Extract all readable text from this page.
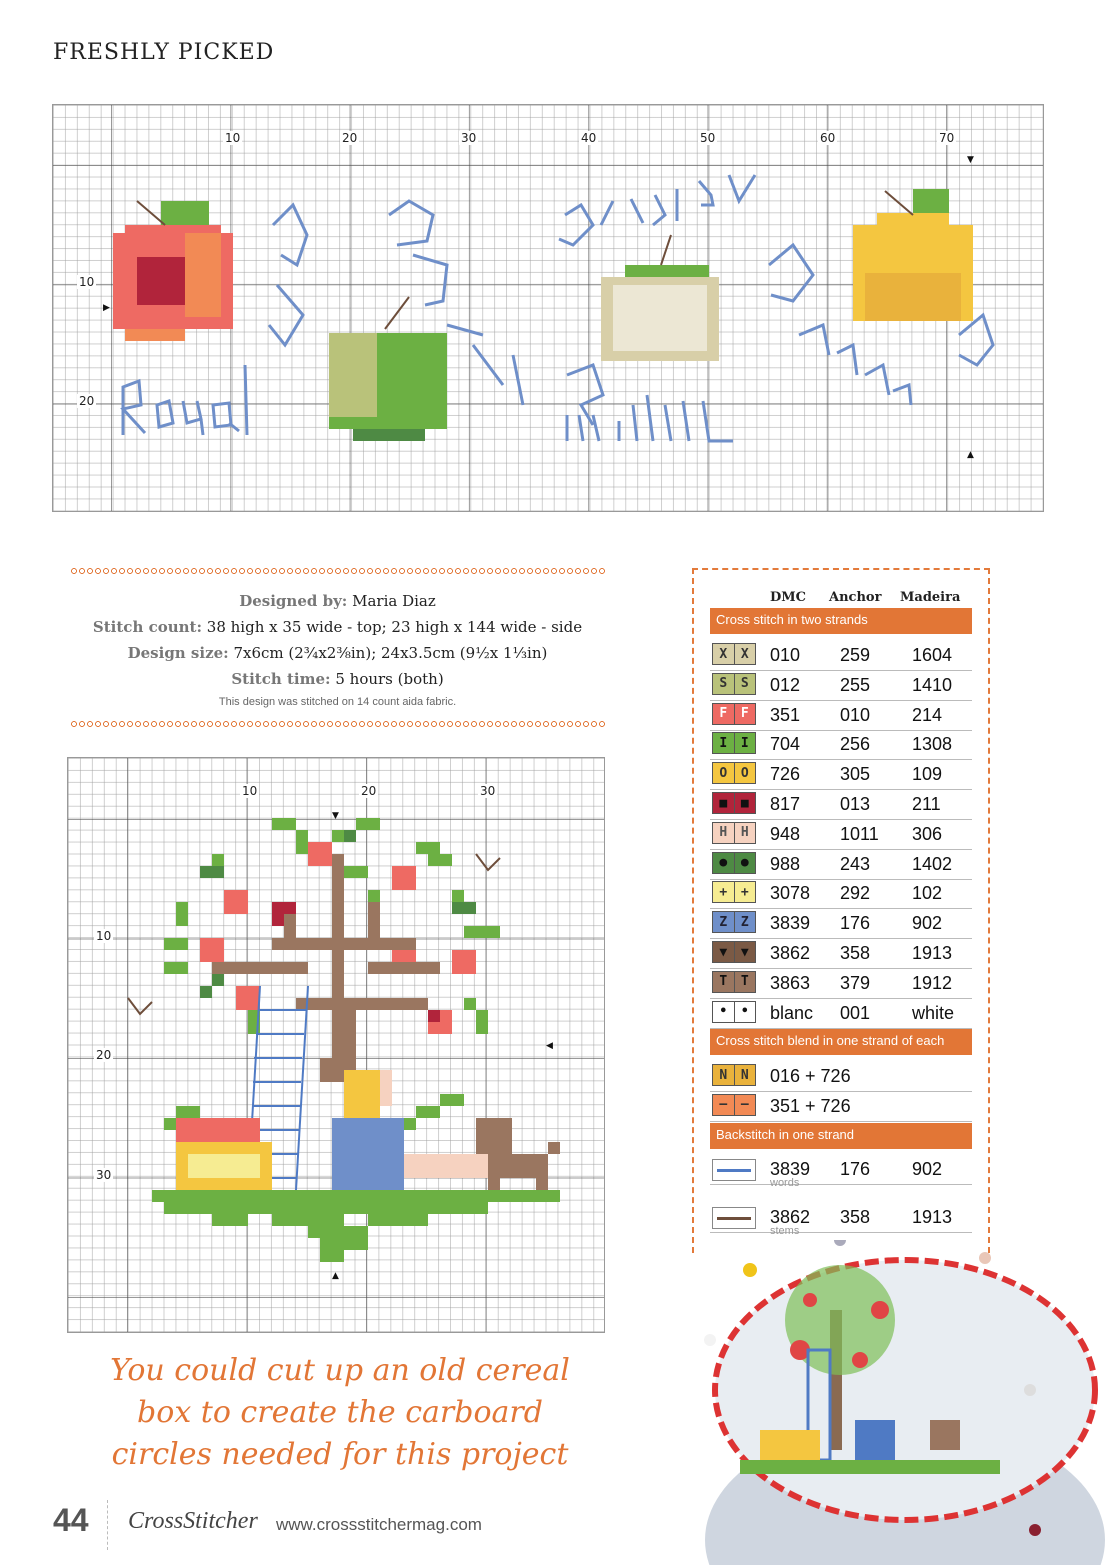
FRESHLY PICKED
10	20	30	40	50	60	70
10
20
▼
▲
▶
Designed by: Maria Diaz
Stitch count: 38 high x 35 wide - top; 23 high x 144 wide - side
Design size: 7x6cm (2¾x2⅜in); 24x3.5cm (9½x 1⅓in)
Stitch time: 5 hours (both)
This design was stitched on 14 count aida fabric.
10	20	30
10
20
30
▼
▲
◀
DMC Anchor Madeira
Cross stitch in two strands
X	X	010 259 1604
S	S	012 255 1410
F	F	351 010 214
I	I	704 256 1308
O	O	726 305 109
■	■	817 013 211
H	H	948 1011 306
●	●	988 243 1402
+	+	3078 292 102
Z	Z	3839 176 902
▼	▼	3862 358 1913
T	T	3863 379 1912
•	•	blanc 001 white
Cross stitch blend in one strand of each
N	N	016 + 726
–	–	351 + 726
Backstitch in one strand
3839 176 902
words
3862 358 1913
stems
You could cut up an old cereal box to create the carboard circles needed for this project
44 CrossStitcher www.crossstitchermag.com
